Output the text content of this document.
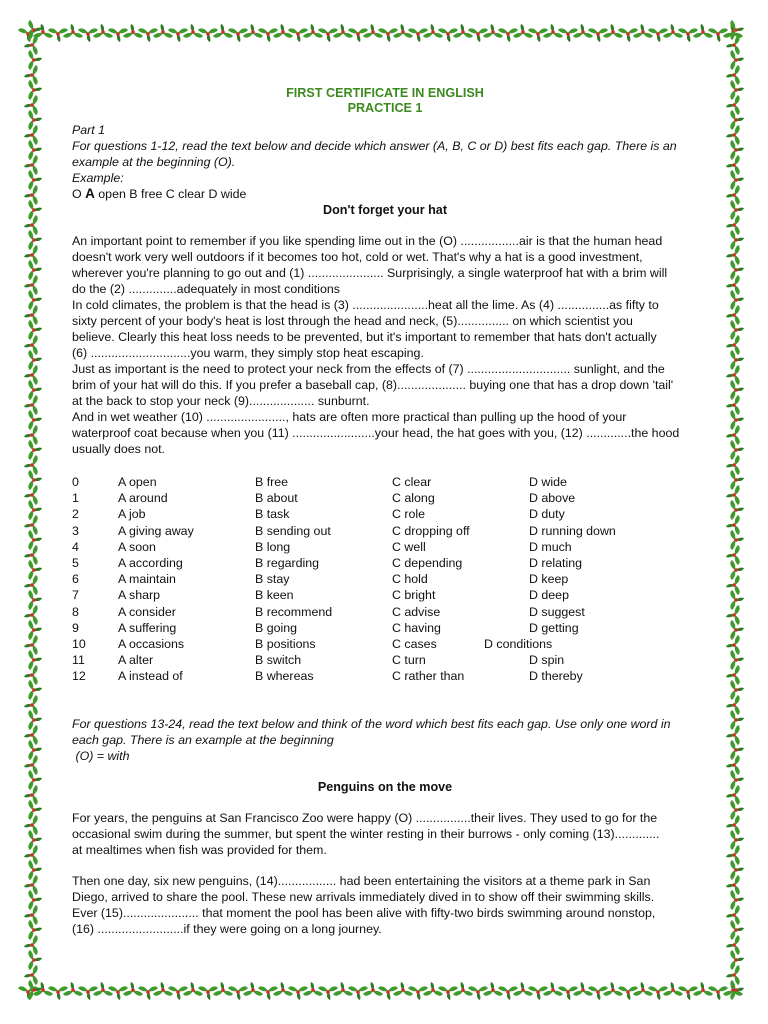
FIRST CERTIFICATE IN ENGLISH
PRACTICE 1

Part 1

For questions 1-12, read the text below and decide which answer (A, B, C or D) best fits each gap. There is an example at the beginning (O).

Example:

O A open B free C clear D wide

Don't forget your hat

An important point to remember if you like spending lime out in the (O) .................air is that the human head

doesn't work very well outdoors if it becomes too hot, cold or wet. That's why a hat is a good investment,

wherever you're planning to go out and (1) ...................... Surprisingly, a single waterproof hat with a brim will

do the (2) ..............adequately in most conditions

In cold climates, the problem is that the head is (3) ......................heat all the lime. As (4) ...............as fifty to

sixty percent of your body's heat is lost through the head and neck, (5)............... on which scientist you

believe. Clearly this heat loss needs to be prevented, but it's important to remember that hats don't actually

(6) .............................you warm, they simply stop heat escaping.

Just as important is the need to protect your neck from the effects of (7) .............................. sunlight, and the

brim of your hat will do this. If you prefer a baseball cap, (8).................... buying one that has a drop down 'tail'

at the back to stop your neck (9)................... sunburnt.

And in wet weather (10) ......................., hats are often more practical than pulling up the hood of your

waterproof coat because when you (11) ........................your head, the hat goes with you, (12) .............the hood

usually does not.

0	A open	B free	C clear	D wide
1	A around	B about	C along	D above
2	A job	B task	C role	D duty
3	A giving away	B sending out	C dropping off	D running down
4	A soon	B long	C well	D much
5	A according	B regarding	C depending	D relating
6	A maintain	B stay	C hold	D keep
7	A sharp	B keen	C bright	D deep
8	A consider	B recommend	C advise	D suggest
9	A suffering	B going	C having	D getting
10	A occasions	B positions	C cases	D conditions
11	A alter	B switch	C turn	D spin
12	A instead of	B whereas	C rather than	D thereby

For questions 13-24, read the text below and think of the word which best fits each gap. Use only one word in

each gap. There is an example at the beginning

(O) = with

Penguins on the move

For years, the penguins at San Francisco Zoo were happy (O) ................their lives. They used to go for the

occasional swim during the summer, but spent the winter resting in their burrows - only coming (13).............

at mealtimes when fish was provided for them.

Then one day, six new penguins, (14)................. had been entertaining the visitors at a theme park in San

Diego, arrived to share the pool. These new arrivals immediately dived in to show off their swimming skills.

Ever (15)...................... that moment the pool has been alive with fifty-two birds swimming around nonstop,

(16) .........................if they were going on a long journey.
